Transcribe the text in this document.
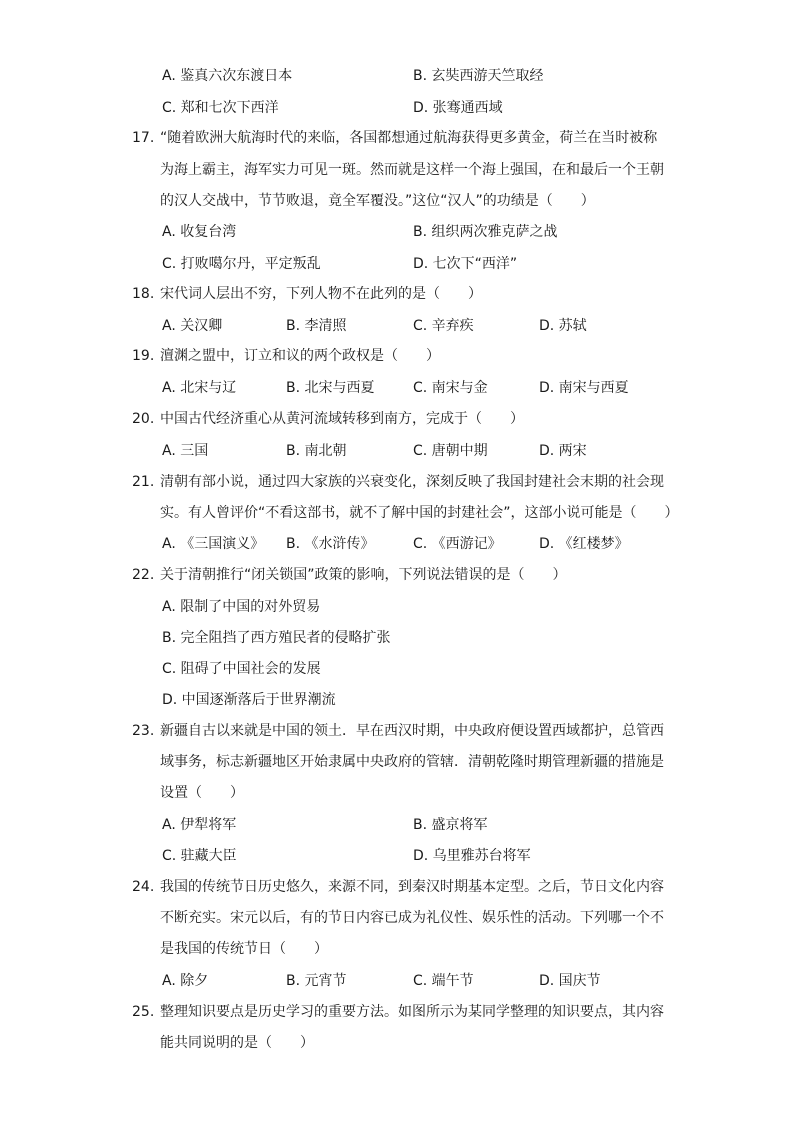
A. 鉴真六次东渡日本	B. 玄奘西游天竺取经
C. 郑和七次下西洋	D. 张骞通西域
17. “随着欧洲大航海时代的来临，各国都想通过航海获得更多黄金，荷兰在当时被称
为海上霸主，海军实力可见一斑。然而就是这样一个海上强国，在和最后一个王朝
的汉人交战中，节节败退，竟全军覆没。”这位“汉人”的功绩是（　　）
A. 收复台湾	B. 组织两次雅克萨之战
C. 打败噶尔丹，平定叛乱	D. 七次下“西洋”
18. 宋代词人层出不穷，下列人物不在此列的是（　　）
A. 关汉卿	B. 李清照	C. 辛弃疾	D. 苏轼
19. 澶渊之盟中，订立和议的两个政权是（　　）
A. 北宋与辽	B. 北宋与西夏	C. 南宋与金	D. 南宋与西夏
20. 中国古代经济重心从黄河流域转移到南方，完成于（　　）
A. 三国	B. 南北朝	C. 唐朝中期	D. 两宋
21. 清朝有部小说，通过四大家族的兴衰变化，深刻反映了我国封建社会末期的社会现
实。有人曾评价“不看这部书，就不了解中国的封建社会”，这部小说可能是（　　）
A. 《三国演义》 B. 《水浒传》	C. 《西游记》	D. 《红楼梦》
22. 关于清朝推行“闭关锁国”政策的影响，下列说法错误的是（　　）
A. 限制了中国的对外贸易
B. 完全阻挡了西方殖民者的侵略扩张
C. 阻碍了中国社会的发展
D. 中国逐渐落后于世界潮流
23. 新疆自古以来就是中国的领土．早在西汉时期，中央政府便设置西域都护，总管西
域事务，标志新疆地区开始隶属中央政府的管辖．清朝乾隆时期管理新疆的措施是
设置（　　）
A. 伊犁将军	B. 盛京将军
C. 驻藏大臣	D. 乌里雅苏台将军
24. 我国的传统节日历史悠久，来源不同，到秦汉时期基本定型。之后，节日文化内容
不断充实。宋元以后，有的节日内容已成为礼仪性、娱乐性的活动。下列哪一个不
是我国的传统节日（　　）
A. 除夕	B. 元宵节	C. 端午节	D. 国庆节
25. 整理知识要点是历史学习的重要方法。如图所示为某同学整理的知识要点，其内容
能共同说明的是（　　）
